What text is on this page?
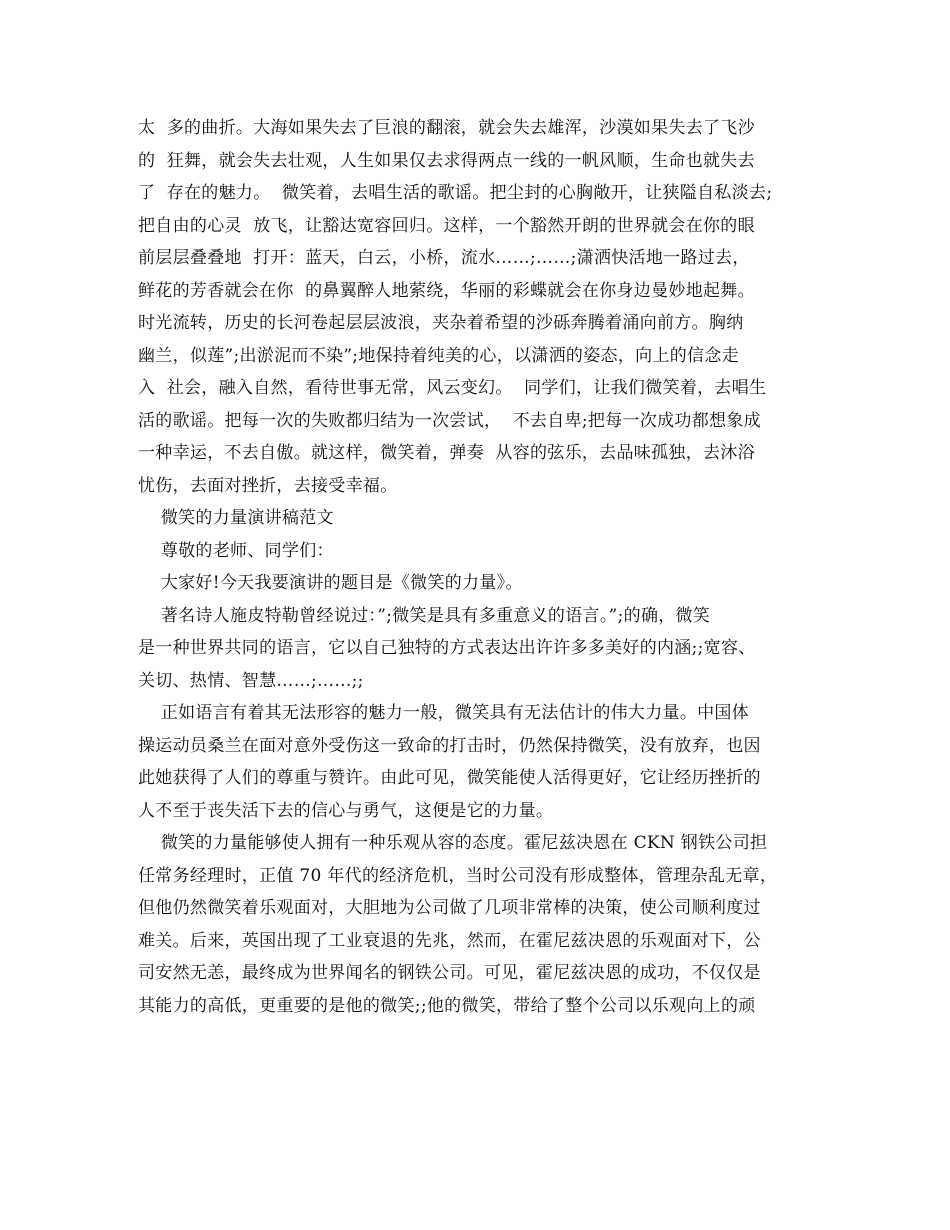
太  多的曲折。大海如果失去了巨浪的翻滚，就会失去雄浑，沙漠如果失去了飞沙
的  狂舞，就会失去壮观，人生如果仅去求得两点一线的一帆风顺，生命也就失去
了  存在的魅力。  微笑着，去唱生活的歌谣。把尘封的心胸敞开，让狭隘自私淡去;
把自由的心灵  放飞，让豁达宽容回归。这样，一个豁然开朗的世界就会在你的眼
前层层叠叠地  打开：蓝天，白云，小桥，流水……;……;潇洒快活地一路过去，
鲜花的芳香就会在你  的鼻翼醉人地萦绕，华丽的彩蝶就会在你身边曼妙地起舞。
时光流转，历史的长河卷起层层波浪，夹杂着希望的沙砾奔腾着涌向前方。胸纳
幽兰，似莲”;出淤泥而不染”;地保持着纯美的心，以潇洒的姿态，向上的信念走
入  社会，融入自然，看待世事无常，风云变幻。  同学们，让我们微笑着，去唱生
活的歌谣。把每一次的失败都归结为一次尝试，  不去自卑;把每一次成功都想象成
一种幸运，不去自傲。就这样，微笑着，弹奏  从容的弦乐，去品味孤独，去沐浴
忧伤，去面对挫折，去接受幸福。
微笑的力量演讲稿范文
尊敬的老师、同学们：
大家好!今天我要演讲的题目是《微笑的力量》。
著名诗人施皮特勒曾经说过：”;微笑是具有多重意义的语言。”;的确，微笑
是一种世界共同的语言，它以自己独特的方式表达出许许多多美好的内涵;;宽容、
关切、热情、智慧……;……;;
正如语言有着其无法形容的魅力一般，微笑具有无法估计的伟大力量。中国体
操运动员桑兰在面对意外受伤这一致命的打击时，仍然保持微笑，没有放弃，也因
此她获得了人们的尊重与赞许。由此可见，微笑能使人活得更好，它让经历挫折的
人不至于丧失活下去的信心与勇气，这便是它的力量。
微笑的力量能够使人拥有一种乐观从容的态度。霍尼兹决恩在 CKN 钢铁公司担
任常务经理时，正值 70 年代的经济危机，当时公司没有形成整体，管理杂乱无章，
但他仍然微笑着乐观面对，大胆地为公司做了几项非常棒的决策，使公司顺利度过
难关。后来，英国出现了工业衰退的先兆，然而，在霍尼兹决恩的乐观面对下，公
司安然无恙，最终成为世界闻名的钢铁公司。可见，霍尼兹决恩的成功，不仅仅是
其能力的高低，更重要的是他的微笑;;他的微笑，带给了整个公司以乐观向上的顽
